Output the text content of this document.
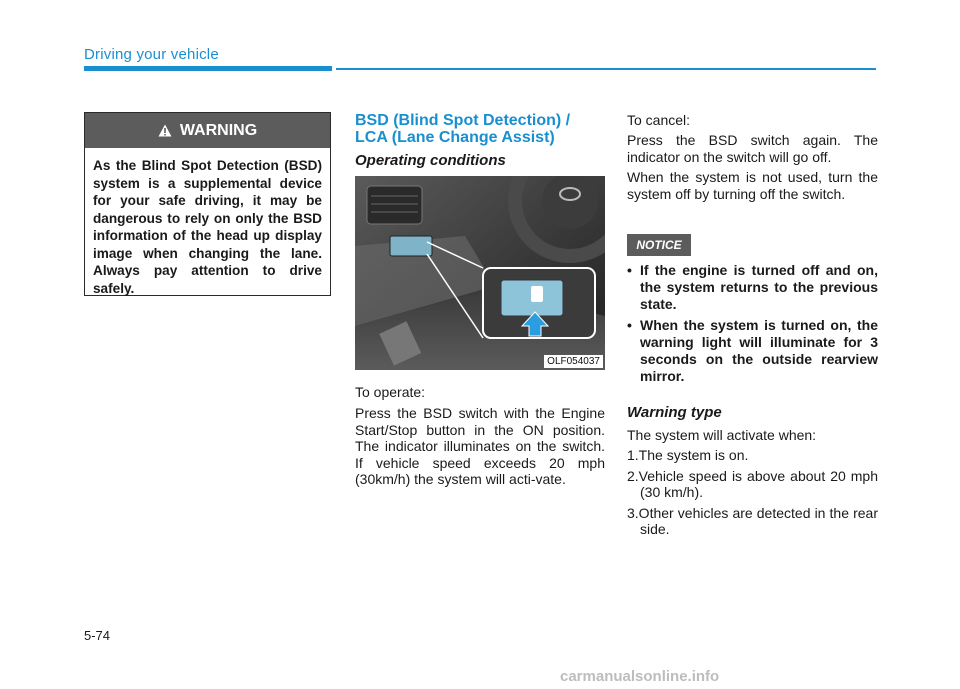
Driving your vehicle
WARNING
As the Blind Spot Detection (BSD) system is a supplemental device for your safe driving, it may be dangerous to rely on only the BSD information of the head up display image when changing the lane. Always pay attention to drive safely.
BSD (Blind Spot Detection) / LCA (Lane Change Assist)
Operating conditions
OLF054037
To operate:
Press the BSD switch with the Engine Start/Stop button in the ON position. The indicator illuminates on the switch. If vehicle speed exceeds 20 mph (30km/h) the system will acti-vate.
To cancel:
Press the BSD switch again. The indicator on the switch will go off.
When the system is not used, turn the system off by turning off the switch.
NOTICE
• If the engine is turned off and on, the system returns to the previous state.
• When the system is turned on, the warning light will illuminate for 3 seconds on the outside rearview mirror.
Warning type
The system will activate when:
1.The system is on.
2.Vehicle speed is above about 20 mph (30 km/h).
3.Other vehicles are detected in the rear side.
5-74
carmanualsonline.info
